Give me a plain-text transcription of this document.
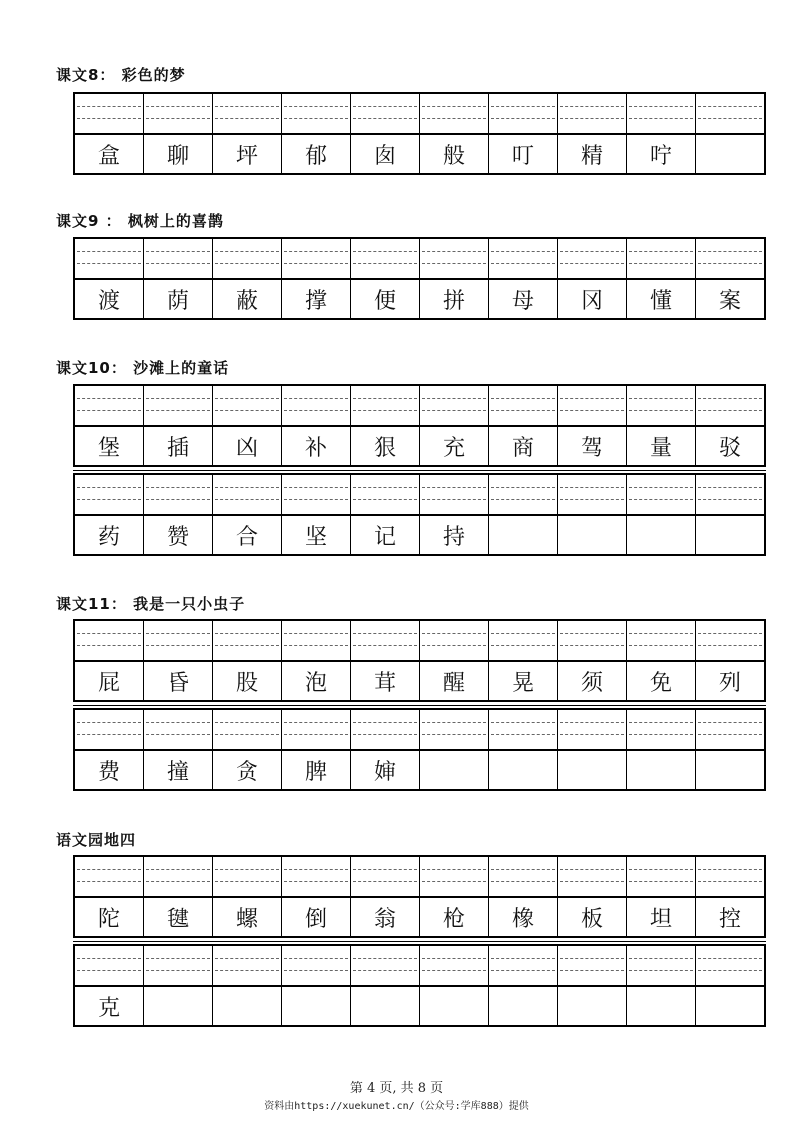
课文8： 彩色的梦
盒	聊	坪	郁	囱	般	叮	精	咛
课文9 ： 枫树上的喜鹊
渡	荫	蔽	撑	便	拼	母	冈	懂	案
课文10： 沙滩上的童话
堡	插	凶	补	狠	充	商	驾	量	驳
药	赞	合	坚	记	持
课文11： 我是一只小虫子
屁	昏	股	泡	茸	醒	晃	须	免	列
费	撞	贪	脾	婶
语文园地四
陀	毽	螺	倒	翁	枪	橡	板	坦	控
克
第 4 页, 共 8 页
资料由https://xuekunet.cn/（公众号:学库888）提供
